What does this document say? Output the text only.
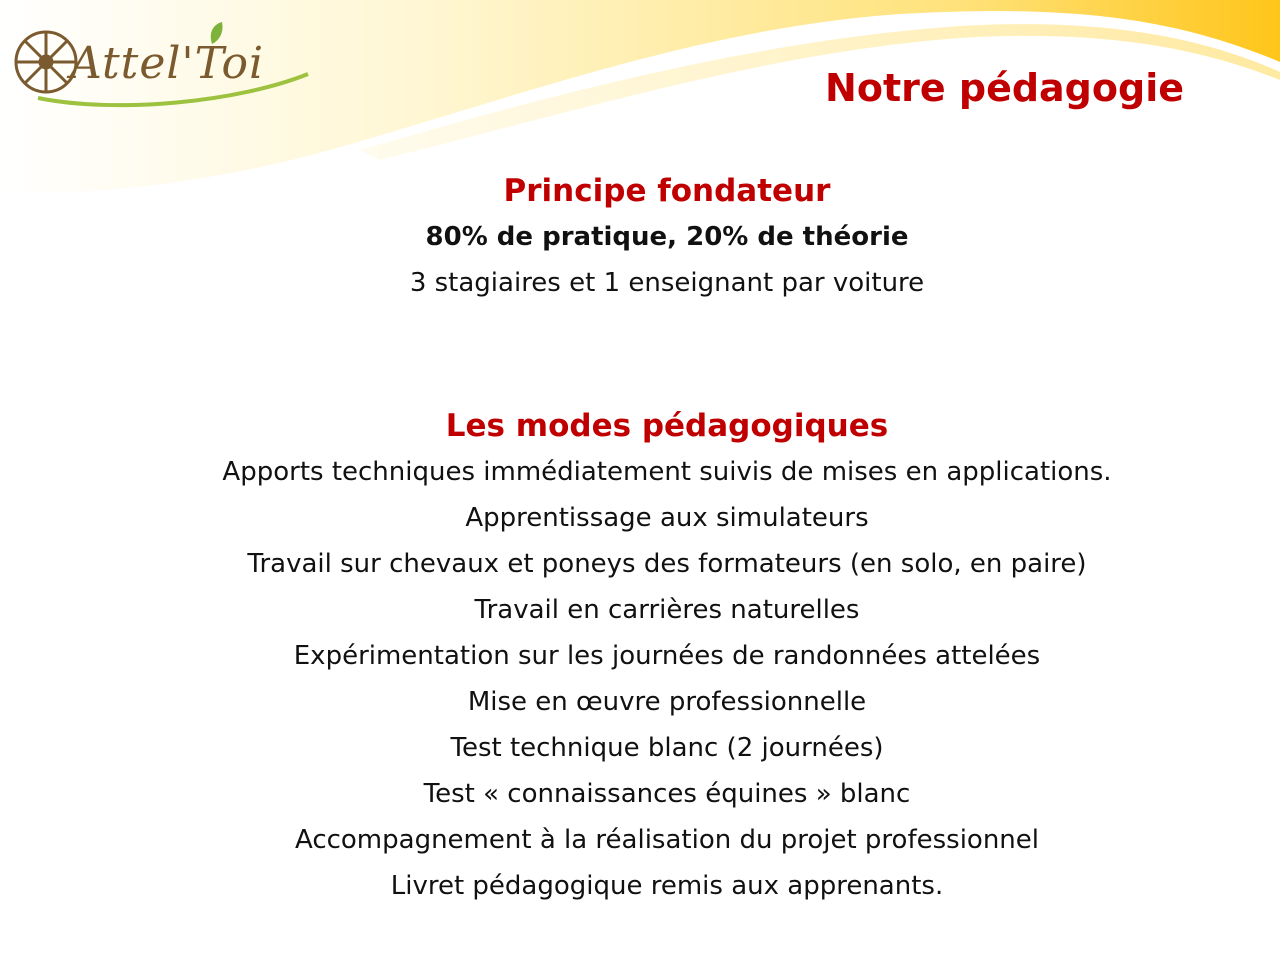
Attel'Toi	Notre pédagogie
Principe fondateur
80% de pratique, 20% de théorie
3 stagiaires et 1 enseignant par voiture
Les modes pédagogiques
Apports techniques immédiatement suivis de mises en applications.
Apprentissage aux simulateurs
Travail sur chevaux et poneys des formateurs (en solo, en paire)
Travail en carrières naturelles
Expérimentation sur les journées de randonnées attelées
Mise en œuvre professionnelle
Test technique blanc (2 journées)
Test « connaissances équines » blanc
Accompagnement à la réalisation du projet professionnel
Livret pédagogique remis aux apprenants.
